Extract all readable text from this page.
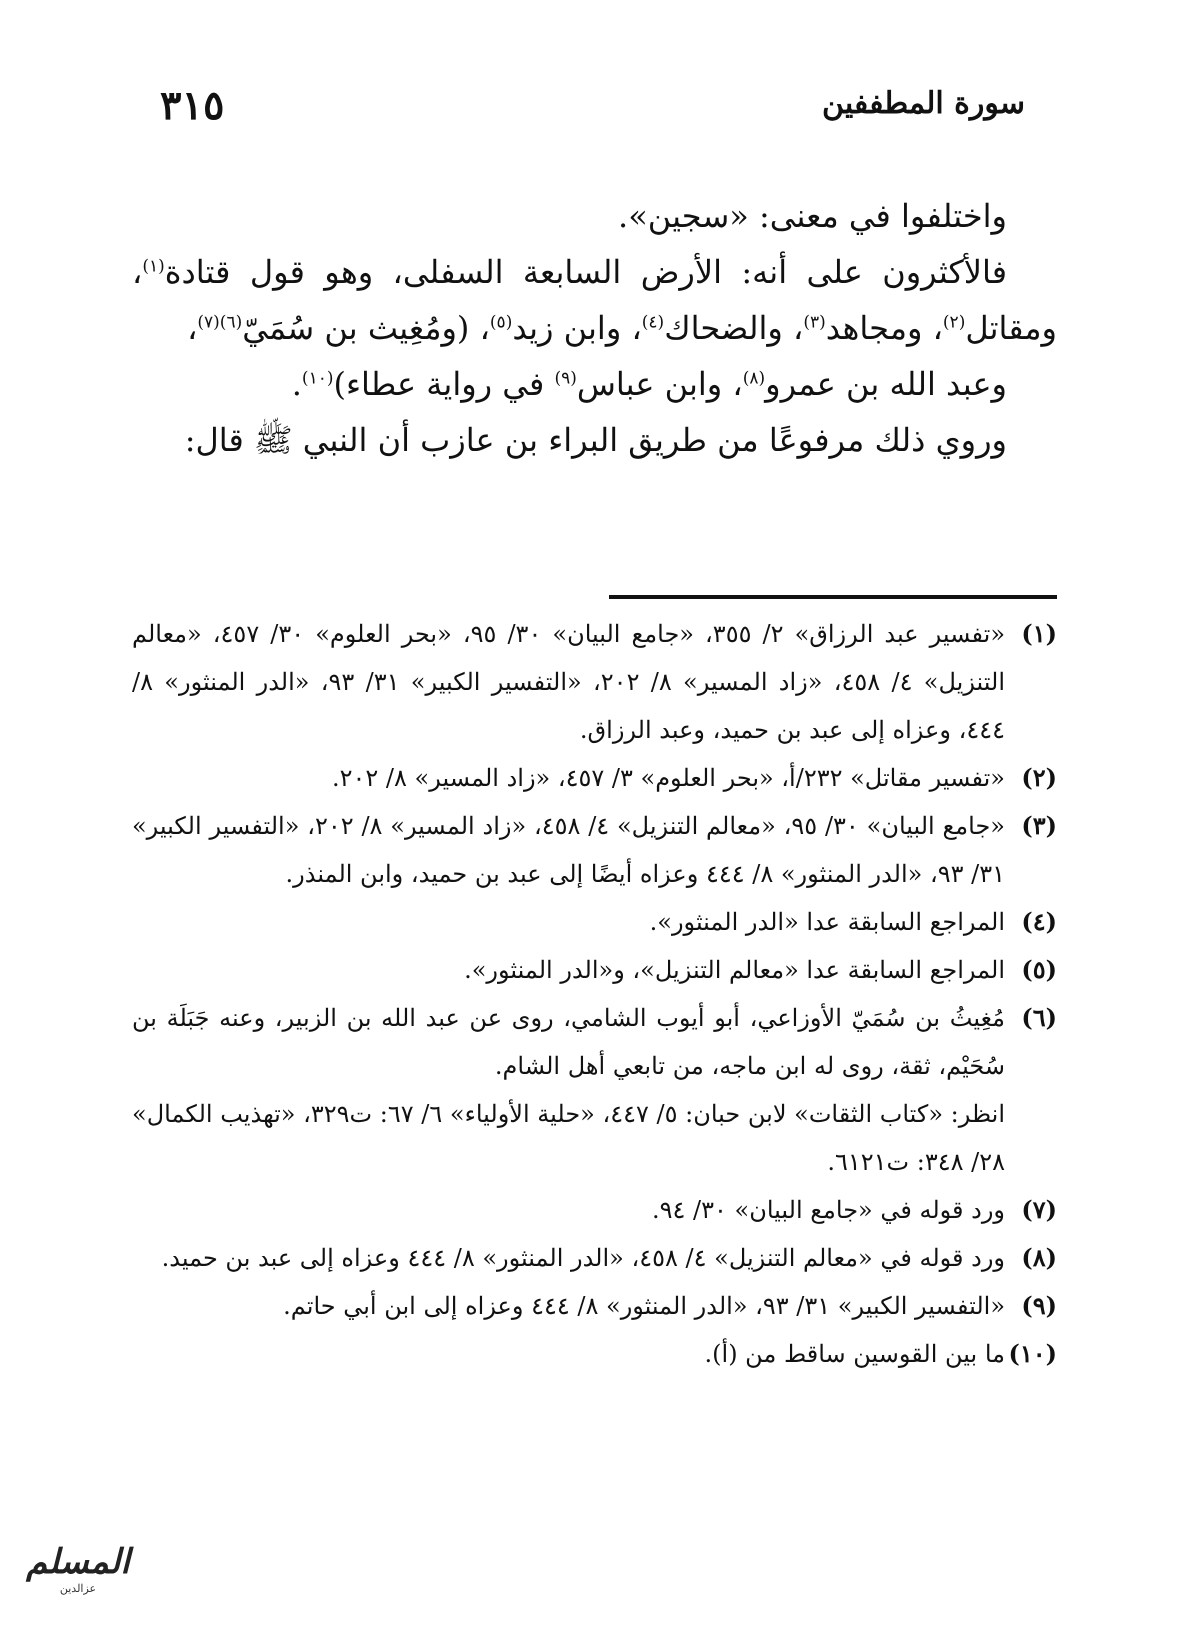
سورة المطففين
٣١٥

واختلفوا في معنى: «سجين».

فالأكثرون على أنه: الأرض السابعة السفلى، وهو قول قتادة$^{(١)}$، ومقاتل$^{(٢)}$، ومجاهد$^{(٣)}$، والضحاك$^{(٤)}$، وابن زيد$^{(٥)}$، (ومُغِيث بن سُمَيّ$^{(٦)(٧)}$،

وعبد الله بن عمرو$^{(٨)}$، وابن عباس$^{(٩)}$ في رواية عطاء)$^{(١٠)}$.

وروي ذلك مرفوعًا من طريق البراء بن عازب أن النبي ﷺ قال:

(١)
«تفسير عبد الرزاق» ٢/ ٣٥٥، «جامع البيان» ٣٠/ ٩٥، «بحر العلوم» ٣٠/ ٤٥٧، «معالم التنزيل» ٤/ ٤٥٨، «زاد المسير» ٨/ ٢٠٢، «التفسير الكبير» ٣١/ ٩٣، «الدر المنثور» ٨/ ٤٤٤، وعزاه إلى عبد بن حميد، وعبد الرزاق.
(٢)
«تفسير مقاتل» ٢٣٢/أ، «بحر العلوم» ٣/ ٤٥٧، «زاد المسير» ٨/ ٢٠٢.
(٣)
«جامع البيان» ٣٠/ ٩٥، «معالم التنزيل» ٤/ ٤٥٨، «زاد المسير» ٨/ ٢٠٢، «التفسير الكبير» ٣١/ ٩٣، «الدر المنثور» ٨/ ٤٤٤ وعزاه أيضًا إلى عبد بن حميد، وابن المنذر.
(٤)
المراجع السابقة عدا «الدر المنثور».
(٥)
المراجع السابقة عدا «معالم التنزيل»، و«الدر المنثور».
(٦)
مُغِيثُ بن سُمَيّ الأوزاعي، أبو أيوب الشامي، روى عن عبد الله بن الزبير، وعنه جَبَلَة بن سُحَيْم، ثقة، روى له ابن ماجه، من تابعي أهل الشام.
انظر: «كتاب الثقات» لابن حبان: ٥/ ٤٤٧، «حلية الأولياء» ٦/ ٦٧: ت٣٢٩، «تهذيب الكمال» ٢٨/ ٣٤٨: ت٦١٢١.
(٧)
ورد قوله في «جامع البيان» ٣٠/ ٩٤.
(٨)
ورد قوله في «معالم التنزيل» ٤/ ٤٥٨، «الدر المنثور» ٨/ ٤٤٤ وعزاه إلى عبد بن حميد.
(٩)
«التفسير الكبير» ٣١/ ٩٣، «الدر المنثور» ٨/ ٤٤٤ وعزاه إلى ابن أبي حاتم.
(١٠)
ما بين القوسين ساقط من (أ).
المسلم
عزالدين
